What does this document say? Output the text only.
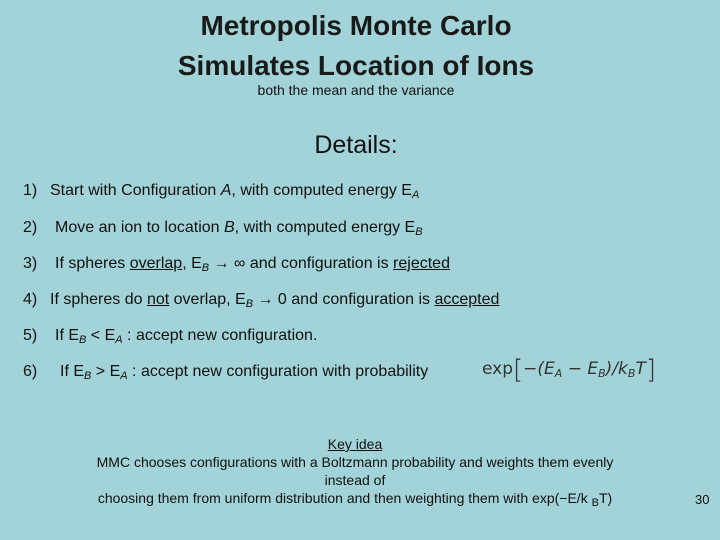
Metropolis Monte Carlo
Simulates Location of Ions
both the mean and the variance
Details:
1) Start with Configuration A, with computed energy $E_A$
2) Move an ion to location B, with computed energy $E_B$
3) If spheres overlap, $E_B$ → ∞ and configuration is rejected
4) If spheres do not overlap, $E_B \to 0$ and configuration is accepted
5) If $E_B < E_A$ : accept new configuration.
6) If $E_B > E_A$ : accept new configuration with probability	$\exp[-(E_A - E_B)/k_BT]$
Key idea
MMC chooses configurations with a Boltzmann probability and weights them evenly
instead of
choosing them from uniform distribution and then weighting them with exp(−E/k $_B$T)	30
